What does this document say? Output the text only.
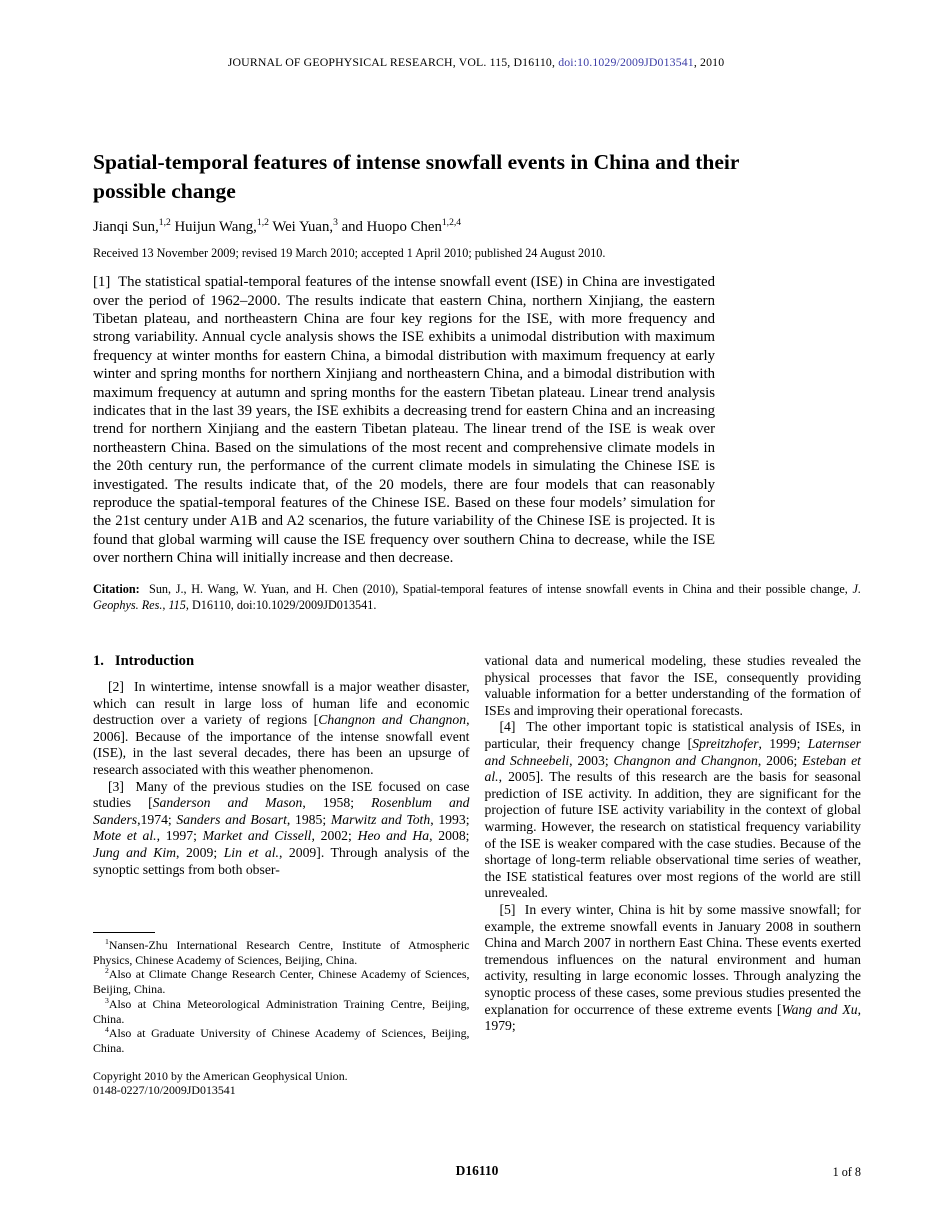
JOURNAL OF GEOPHYSICAL RESEARCH, VOL. 115, D16110, doi:10.1029/2009JD013541, 2010
Spatial-temporal features of intense snowfall events in China and their possible change
Jianqi Sun,$^{1,2}$ Huijun Wang,$^{1,2}$ Wei Yuan,$^3$ and Huopo Chen$^{1,2,4}$
Received 13 November 2009; revised 19 March 2010; accepted 1 April 2010; published 24 August 2010.
[1]  The statistical spatial-temporal features of the intense snowfall event (ISE) in China are investigated over the period of 1962–2000. The results indicate that eastern China, northern Xinjiang, the eastern Tibetan plateau, and northeastern China are four key regions for the ISE, with more frequency and strong variability. Annual cycle analysis shows the ISE exhibits a unimodal distribution with maximum frequency at winter months for eastern China, a bimodal distribution with maximum frequency at early winter and spring months for northern Xinjiang and northeastern China, and a bimodal distribution with maximum frequency at autumn and spring months for the eastern Tibetan plateau. Linear trend analysis indicates that in the last 39 years, the ISE exhibits a decreasing trend for eastern China and an increasing trend for northern Xinjiang and the eastern Tibetan plateau. The linear trend of the ISE is weak over northeastern China. Based on the simulations of the most recent and comprehensive climate models in the 20th century run, the performance of the current climate models in simulating the Chinese ISE is investigated. The results indicate that, of the 20 models, there are four models that can reasonably reproduce the spatial-temporal features of the Chinese ISE. Based on these four models’ simulation for the 21st century under A1B and A2 scenarios, the future variability of the Chinese ISE is projected. It is found that global warming will cause the ISE frequency over southern China to decrease, while the ISE over northern China will initially increase and then decrease.
Citation:  Sun, J., H. Wang, W. Yuan, and H. Chen (2010), Spatial-temporal features of intense snowfall events in China and their possible change, J. Geophys. Res., 115, D16110, doi:10.1029/2009JD013541.
1.   Introduction
[2]  In wintertime, intense snowfall is a major weather disaster, which can result in large loss of human life and economic destruction over a variety of regions [Changnon and Changnon, 2006]. Because of the importance of the intense snowfall event (ISE), in the last several decades, there has been an upsurge of research associated with this weather phenomenon.
[3]  Many of the previous studies on the ISE focused on case studies [Sanderson and Mason, 1958; Rosenblum and Sanders,1974; Sanders and Bosart, 1985; Marwitz and Toth, 1993; Mote et al., 1997; Market and Cissell, 2002; Heo and Ha, 2008; Jung and Kim, 2009; Lin et al., 2009]. Through analysis of the synoptic settings from both obser-
$^1$Nansen-Zhu International Research Centre, Institute of Atmospheric Physics, Chinese Academy of Sciences, Beijing, China.
$^2$Also at Climate Change Research Center, Chinese Academy of Sciences, Beijing, China.
$^3$Also at China Meteorological Administration Training Centre, Beijing, China.
$^4$Also at Graduate University of Chinese Academy of Sciences, Beijing, China.
Copyright 2010 by the American Geophysical Union.
0148-0227/10/2009JD013541
vational data and numerical modeling, these studies revealed the physical processes that favor the ISE, consequently providing valuable information for a better understanding of the formation of ISEs and improving their operational forecasts.
[4]  The other important topic is statistical analysis of ISEs, in particular, their frequency change [Spreitzhofer, 1999; Laternser and Schneebeli, 2003; Changnon and Changnon, 2006; Esteban et al., 2005]. The results of this research are the basis for seasonal prediction of ISE activity. In addition, they are significant for the projection of future ISE activity variability in the context of global warming. However, the research on statistical frequency variability of the ISE is weaker compared with the case studies. Because of the shortage of long-term reliable observational time series of weather, the ISE statistical features over most regions of the world are still unrevealed.
[5]  In every winter, China is hit by some massive snowfall; for example, the extreme snowfall events in January 2008 in southern China and March 2007 in northern East China. These events exerted tremendous influences on the natural environment and human activity, resulting in large economic losses. Through analyzing the synoptic process of these cases, some previous studies presented the explanation for occurrence of these extreme events [Wang and Xu, 1979;
D16110	1 of 8
